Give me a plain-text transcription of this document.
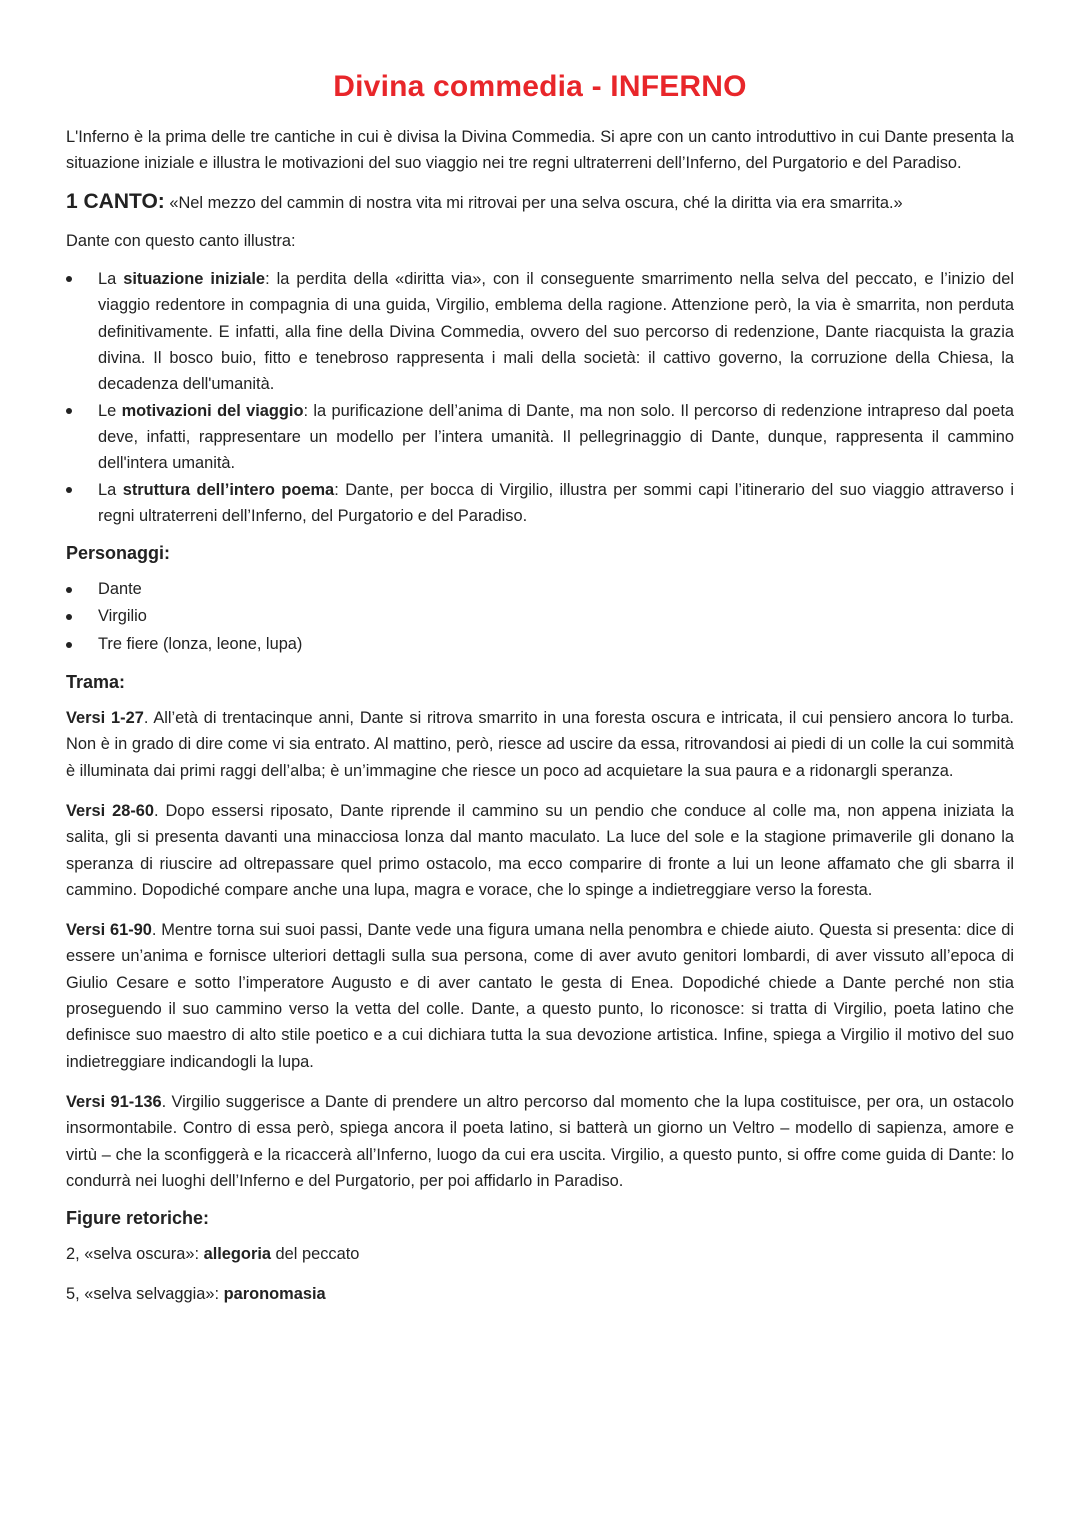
Divina commedia - INFERNO

L'Inferno è la prima delle tre cantiche in cui è divisa la Divina Commedia. Si apre con un canto introduttivo in cui Dante presenta la situazione iniziale e illustra le motivazioni del suo viaggio nei tre regni ultraterreni dell’Inferno, del Purgatorio e del Paradiso.

1 CANTO: «Nel mezzo del cammin di nostra vita mi ritrovai per una selva oscura, ché la diritta via era smarrita.»

Dante con questo canto illustra:

La situazione iniziale: la perdita della «diritta via», con il conseguente smarrimento nella selva del peccato, e l’inizio del viaggio redentore in compagnia di una guida, Virgilio, emblema della ragione. Attenzione però, la via è smarrita, non perduta definitivamente. E infatti, alla fine della Divina Commedia, ovvero del suo percorso di redenzione, Dante riacquista la grazia divina. Il bosco buio, fitto e tenebroso rappresenta i mali della società: il cattivo governo, la corruzione della Chiesa, la decadenza dell'umanità.
Le motivazioni del viaggio: la purificazione dell’anima di Dante, ma non solo. Il percorso di redenzione intrapreso dal poeta deve, infatti, rappresentare un modello per l’intera umanità. Il pellegrinaggio di Dante, dunque, rappresenta il cammino dell'intera umanità.
La struttura dell’intero poema: Dante, per bocca di Virgilio, illustra per sommi capi l’itinerario del suo viaggio attraverso i regni ultraterreni dell’Inferno, del Purgatorio e del Paradiso.
Personaggi:
Dante
Virgilio
Tre fiere (lonza, leone, lupa)
Trama:

Versi 1-27. All’età di trentacinque anni, Dante si ritrova smarrito in una foresta oscura e intricata, il cui pensiero ancora lo turba. Non è in grado di dire come vi sia entrato. Al mattino, però, riesce ad uscire da essa, ritrovandosi ai piedi di un colle la cui sommità è illuminata dai primi raggi dell’alba; è un’immagine che riesce un poco ad acquietare la sua paura e a ridonargli speranza.

Versi 28-60. Dopo essersi riposato, Dante riprende il cammino su un pendio che conduce al colle ma, non appena iniziata la salita, gli si presenta davanti una minacciosa lonza dal manto maculato. La luce del sole e la stagione primaverile gli donano la speranza di riuscire ad oltrepassare quel primo ostacolo, ma ecco comparire di fronte a lui un leone affamato che gli sbarra il cammino. Dopodiché compare anche una lupa, magra e vorace, che lo spinge a indietreggiare verso la foresta.

Versi 61-90. Mentre torna sui suoi passi, Dante vede una figura umana nella penombra e chiede aiuto. Questa si presenta: dice di essere un’anima e fornisce ulteriori dettagli sulla sua persona, come di aver avuto genitori lombardi, di aver vissuto all’epoca di Giulio Cesare e sotto l’imperatore Augusto e di aver cantato le gesta di Enea. Dopodiché chiede a Dante perché non stia proseguendo il suo cammino verso la vetta del colle. Dante, a questo punto, lo riconosce: si tratta di Virgilio, poeta latino che definisce suo maestro di alto stile poetico e a cui dichiara tutta la sua devozione artistica. Infine, spiega a Virgilio il motivo del suo indietreggiare indicandogli la lupa.

Versi 91-136. Virgilio suggerisce a Dante di prendere un altro percorso dal momento che la lupa costituisce, per ora, un ostacolo insormontabile. Contro di essa però, spiega ancora il poeta latino, si batterà un giorno un Veltro – modello di sapienza, amore e virtù – che la sconfiggerà e la ricaccerà all’Inferno, luogo da cui era uscita. Virgilio, a questo punto, si offre come guida di Dante: lo condurrà nei luoghi dell’Inferno e del Purgatorio, per poi affidarlo in Paradiso.

Figure retoriche:

2, «selva oscura»: allegoria del peccato

5, «selva selvaggia»: paronomasia
